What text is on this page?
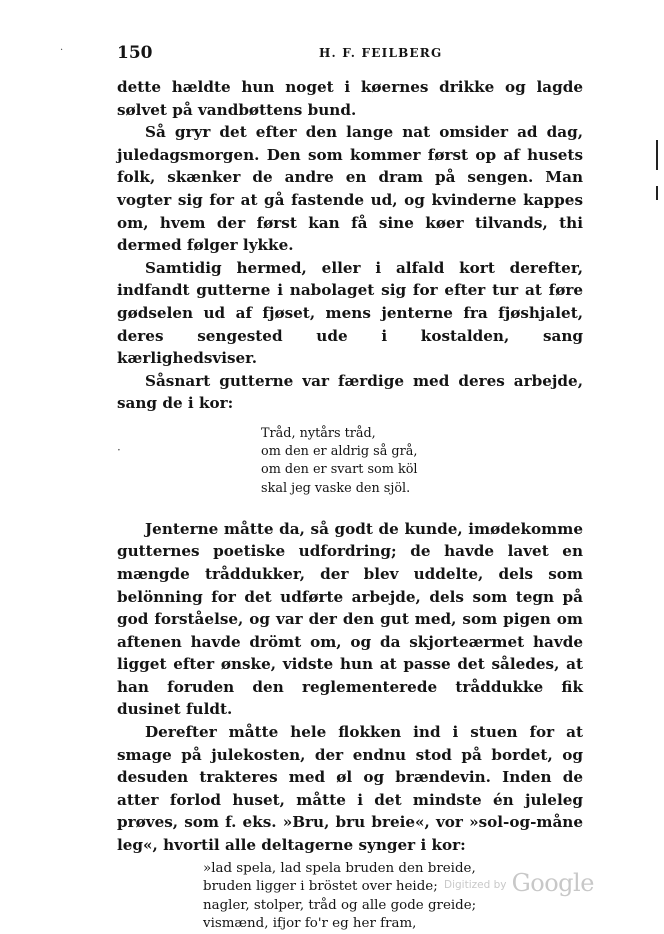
·
·
150	H. F. FEILBERG

dette hældte hun noget i køernes drikke og lagde sølvet på vandbøttens bund.

Så gryr det efter den lange nat omsider ad dag, juledagsmorgen. Den som kommer først op af husets folk, skænker de andre en dram på sengen. Man vogter sig for at gå fastende ud, og kvinderne kappes om, hvem der først kan få sine køer tilvands, thi dermed følger lykke.

Samtidig hermed, eller i alfald kort derefter, indfandt gutterne i nabolaget sig for efter tur at føre gødselen ud af fjøset, mens jenterne fra fjøshjalet, deres sengested ude i kostalden, sang kærlighedsviser.

Såsnart gutterne var færdige med deres arbejde, sang de i kor:

Tråd, nytårs tråd,
om den er aldrig så grå,
om den er svart som köl
skal jeg vaske den sjöl.

Jenterne måtte da, så godt de kunde, imødekomme gutternes poetiske udfordring; de havde lavet en mængde tråddukker, der blev uddelte, dels som belönning for det udførte arbejde, dels som tegn på god forståelse, og var der den gut med, som pigen om aftenen havde drömt om, og da skjorteærmet havde ligget efter ønske, vidste hun at passe det således, at han foruden den reglementerede tråddukke fik dusinet fuldt.

Derefter måtte hele flokken ind i stuen for at smage på julekosten, der endnu stod på bordet, og desuden trakteres med øl og brændevin. Inden de atter forlod huset, måtte i det mindste én juleleg prøves, som f. eks. »Bru, bru breie«, vor »sol-og-måne leg«, hvortil alle deltagerne synger i kor:

»lad spela, lad spela bruden den breide,
bruden ligger i bröstet over heide;
nagler, stolper, tråd og alle gode greide;
vismænd, ifjor fo'r eg her fram,
Digitized by Google
